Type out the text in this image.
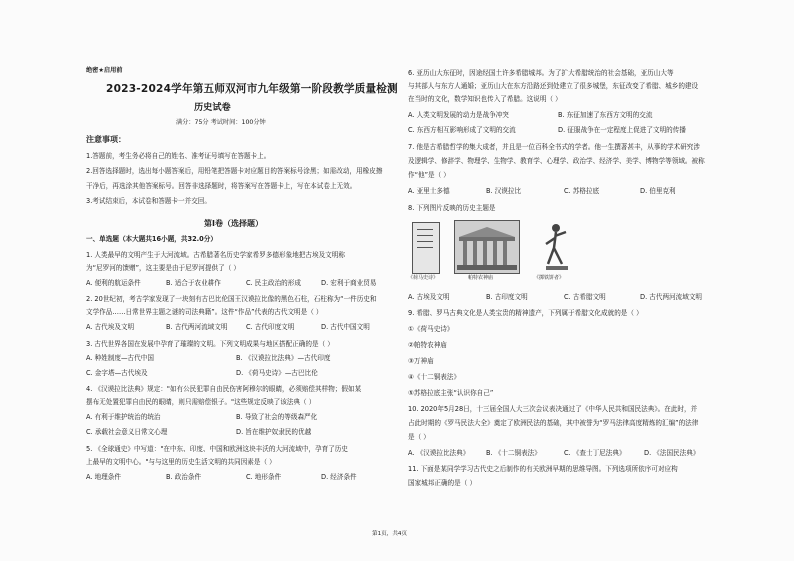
绝密★启用前
2023-2024学年第五师双河市九年级第一阶段教学质量检测
历史试卷
满分：75分 考试时间：100分钟
注意事项：
1.答题前，考生务必将自己的姓名、准考证号填写在答题卡上。
2.回答选择题时，选出每小题答案后，用铅笔把答题卡对应题目的答案标号涂黑；如需改动，用橡皮擦
干净后，再选涂其他答案标号。回答非选择题时，将答案写在答题卡上，写在本试卷上无效。
3.考试结束后，本试卷和答题卡一并交回。
第Ⅰ卷（选择题）
一、单选题（本大题共16小题，共32.0分）
1. 人类最早的文明产生于大河流域。古希腊著名历史学家希罗多德形象地把古埃及文明称
为“尼罗河的馈赠”，这主要是由于尼罗河提供了（ ）
A. 便利的航运条件	B. 适合于农业耕作	C. 民主政治的形成	D. 宏利于商业贸易
2. 20世纪初，考古学家发现了一块刻有古巴比伦国王汉谟拉比像的黑色石柱，石柱称为“一件历史和
文学作品……日常世界主题之谜的司法典籍”。这件“作品”代表的古代文明是（ ）
A. 古代埃及文明	B. 古代两河流域文明	C. 古代印度文明	D. 古代中国文明
3. 古代世界各国在发展中孕育了璀璨的文明。下列文明成果与地区搭配正确的是（ ）
A. 种姓制度—古代中国	B. 《汉谟拉比法典》—古代印度
C. 金字塔—古代埃及	D. 《荷马史诗》—古巴比伦
4. 《汉谟拉比法典》规定："如有公民犯罪自由民伤害阿穆尔的眼睛，必须赔偿其样物；假如某
摆布无处置犯罪自由民的眼睛，则只需赔偿银子。"这些规定反映了该法典（ ）
A. 有利于维护统治的统治	B. 导致了社会的等级森严化
C. 承载社会意义日常文心理	D. 旨在维护奴隶民的优越
5. 《全球通史》中写道："在中东、印度、中国和欧洲这块丰沃的大河流域中，孕育了历史
上最早的文明中心。"与与这里的历史生活文明的共同因素是（ ）
A. 地理条件	B. 政治条件	C. 地形条件	D. 经济条件
6. 亚历山大东征时，因途经国土许多希腊城邦。为了扩大希腊统治的社会基础，亚历山大等
与其部人与东方人通婚；亚历山大在东方沿路还到处建立了很多城堡，东征改变了希腊、城乡的建设
在当时的文化，数学知识也传入了希腊。这说明（ ）
A. 人类文明发展的动力是战争冲突	B. 东征加速了东西方文明的交流
C. 东西方相互影响形成了文明的交流	D. 征服战争在一定程度上促进了文明的传播
7. 他是古希腊哲学的集大成者，并且是一位百科全书式的学者。他一生撰著甚丰，从事的学术研究涉
及逻辑学、修辞学、物理学、生物学、教育学、心理学、政治学、经济学、美学、博物学等领域。被称
作“他”是（ ）
A. 亚里士多德	B. 汉谟拉比	C. 苏格拉底	D. 伯里克利
8. 下列图片反映的历史主题是
《荷马史诗》	帕特农神庙	《掷铁饼者》
A. 古埃及文明	B. 古印度文明	C. 古希腊文明	D. 古代两河流域文明
9. 希腊、罗马古典文化是人类宝贵的精神遗产，下列属于希腊文化成就的是（ ）
①《荷马史诗》
②帕特农神庙
③万神庙
④《十二铜表法》
⑤苏格拉底主张“认识你自己”
10. 2020年5月28日，十三届全国人大三次会议表决通过了《中华人民共和国民法典》。在此时，并
占此时期的《罗马民法大全》奠定了欧洲民法的基础，其中被誉为“罗马法律高度精炼的汇编”的法律
是（ ）
A. 《汉谟拉比法典》	B. 《十二铜表法》	C. 《查士丁尼法典》	D. 《法国民法典》
11. 下面是某同学学习古代史之后制作的有关欧洲早期的思维导图。下列选项所依序可对应构
国家城邦正确的是（ ）
第1页，共4页
